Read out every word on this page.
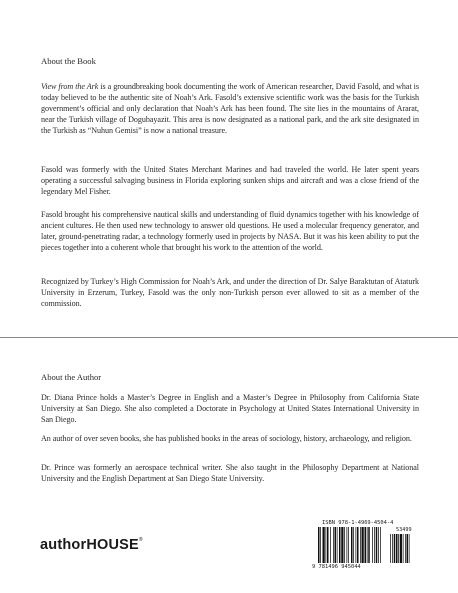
About the Book

View from the Ark is a groundbreaking book documenting the work of American researcher, David Fasold, and what is today believed to be the authentic site of Noah’s Ark. Fasold’s extensive scientific work was the basis for the Turkish government’s official and only declaration that Noah’s Ark has been found. The site lies in the mountains of Ararat, near the Turkish village of Dogubayazit. This area is now designated as a national park, and the ark site designated in the Turkish as “Nuhun Gemisi” is now a national treasure.

Fasold was formerly with the United States Merchant Marines and had traveled the world. He later spent years operating a successful salvaging business in Florida exploring sunken ships and aircraft and was a close friend of the legendary Mel Fisher.

Fasold brought his comprehensive nautical skills and understanding of fluid dynamics together with his knowledge of ancient cultures. He then used new technology to answer old questions. He used a molecular frequency generator, and later, ground-penetrating radar, a technology formerly used in projects by NASA. But it was his keen ability to put the pieces together into a coherent whole that brought his work to the attention of the world.

Recognized by Turkey’s High Commission for Noah’s Ark, and under the direction of Dr. Salye Baraktutan of Ataturk University in Erzerum, Turkey, Fasold was the only non-Turkish person ever allowed to sit as a member of the commission.

About the Author

Dr. Diana Prince holds a Master’s Degree in English and a Master’s Degree in Philosophy from California State University at San Diego. She also completed a Doctorate in Psychology at United States International University in San Diego.

An author of over seven books, she has published books in the areas of sociology, history, archaeology, and religion.

Dr. Prince was formerly an aerospace technical writer. She also taught in the Philosophy Department at National University and the English Department at San Diego State University.

authorHOUSE®
ISBN 978-1-4969-4504-4
53499
9 781496 945044
